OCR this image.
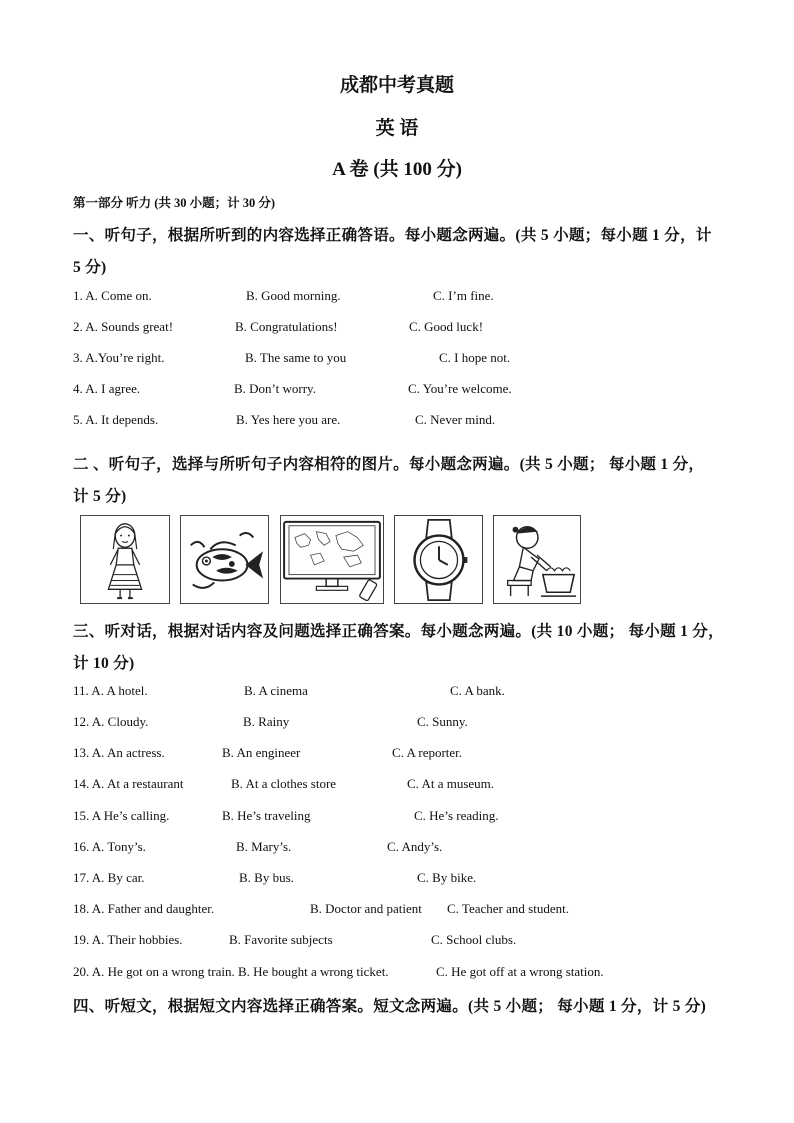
成都中考真题
英 语
A 卷 (共 100 分)
第一部分 听力 (共 30 小题；计 30 分)
一、听句子，根据所听到的内容选择正确答语。每小题念两遍。(共 5 小题；每小题 1 分，计
5 分)
1. A. Come on.	B. Good morning.	C. I’m fine.
2. A. Sounds great!	B. Congratulations!	C. Good luck!
3. A.You’re right.	B. The same to you	C. I hope not.
4. A. I agree.	B. Don’t worry.	C. You’re welcome.
5. A. It depends.	B. Yes here you are.	C. Never mind.
二 、听句子，选择与所听句子内容相符的图片。每小题念两遍。(共 5 小题； 每小题 1 分，
计 5 分)
三、听对话，根据对话内容及问题选择正确答案。每小题念两遍。(共 10 小题； 每小题 1 分，
计 10 分)
11. A. A hotel.	B. A cinema	C. A bank.
12. A. Cloudy.	B. Rainy	C. Sunny.
13. A. An actress.	B. An engineer	C. A reporter.
14. A. At a restaurant	B. At a clothes store	C. At a museum.
15. A He’s calling.	B. He’s traveling	C. He’s reading.
16. A. Tony’s.	B. Mary’s.	C. Andy’s.
17. A. By car.	B. By bus.	C. By bike.
18. A. Father and daughter.	B. Doctor and patient C. Teacher and student.
19. A. Their hobbies.	B. Favorite subjects	C. School clubs.
20. A. He got on a wrong train. B. He bought a wrong ticket.	C. He got off at a wrong station.
四、听短文，根据短文内容选择正确答案。短文念两遍。(共 5 小题； 每小题 1 分，计 5 分)
